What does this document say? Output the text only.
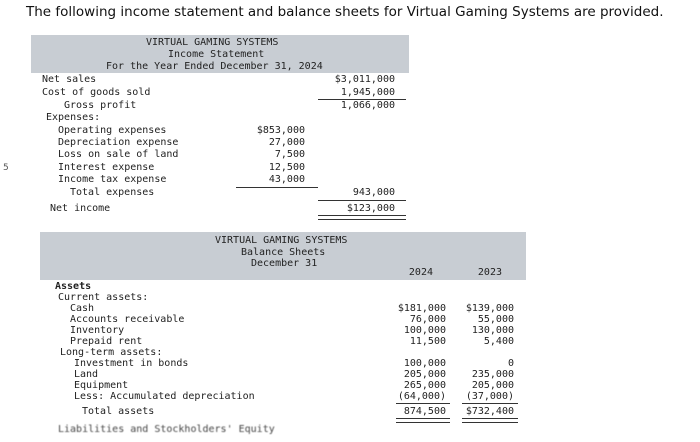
The following income statement and balance sheets for Virtual Gaming Systems are provided.
5
VIRTUAL GAMING SYSTEMS
Income Statement
For the Year Ended December 31, 2024
Net sales	$3,011,000
Cost of goods sold	1,945,000
Gross profit	1,066,000
Expenses:
Operating expenses	$853,000
Depreciation expense	27,000
Loss on sale of land	7,500
Interest expense	12,500
Income tax expense	43,000
Total expenses	943,000
Net income	$123,000
VIRTUAL GAMING SYSTEMS
Balance Sheets
December 31
2024	2023
Assets
Current assets:
Cash	$181,000	$139,000
Accounts receivable	76,000	55,000
Inventory	100,000	130,000
Prepaid rent	11,500	5,400
Long-term assets:
Investment in bonds	100,000	0
Land	205,000	235,000
Equipment	265,000	205,000
Less: Accumulated depreciation	(64,000)	(37,000)
Total assets	874,500	$732,400
Liabilities and Stockholders' Equity
